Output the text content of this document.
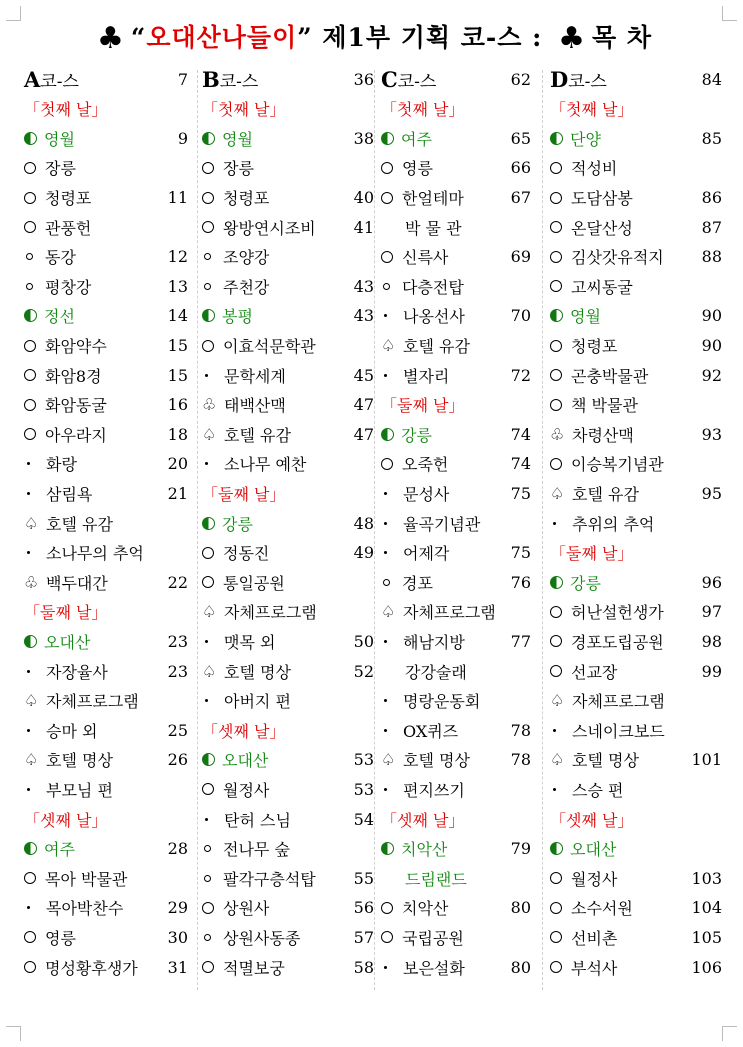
♣ “오대산나들이” 제1부 기획 코-스 : ♣ 목 차
A코-스	7
「첫째 날」
영월	9
장릉
청령포	11
관풍헌
동강	12
평창강	13
정선	14
화암약수	15
화암8경	15
화암동굴	16
아우라지	18
화랑	20
삼림욕	21
♤ 호텔 유감
소나무의 추억
♧ 백두대간	22
「둘째 날」
오대산	23
자장율사	23
♤ 자체프로그램
승마 외	25
♤ 호텔 명상	26
부모님 편
「셋째 날」
여주	28
목아 박물관
목아박찬수	29
영릉	30
명성황후생가 31
B코-스	36
「첫째 날」
영월	38
장릉
청령포	40
왕방연시조비 41
조양강
주천강	43
봉평	43
이효석문학관
문학세계	45
♧ 태백산맥	47
♤ 호텔 유감	47
소나무 예찬
「둘째 날」
강릉	48
정동진	49
통일공원
♤ 자체프로그램
맷목 외	50
♤ 호텔 명상	52
아버지 편
「셋째 날」
오대산	53
월정사	53
탄허 스님	54
전나무 숲
팔각구층석탑 55
상원사	56
상원사동종	57
적멸보궁	58
C코-스	62
「첫째 날」
여주	65
영릉	66
한얼테마	67
박 물 관
신륵사	69
다층전탑
나옹선사	70
♤ 호텔 유감
별자리	72
「둘째 날」
강릉	74
오죽헌	74
문성사	75
율곡기념관
어제각	75
경포	76
♤ 자체프로그램
해남지방	77
강강술래
명랑운동회
OX퀴즈	78
♤ 호텔 명상	78
편지쓰기
「셋째 날」
치악산	79
드림랜드
치악산	80
국립공원
보은설화	80
D코-스	84
「첫째 날」
단양	85
적성비
도담삼봉	86
온달산성	87
김삿갓유적지 88
고씨동굴
영월	90
청령포	90
곤충박물관	92
책 박물관
♧ 차령산맥	93
이승복기념관
♤ 호텔 유감	95
추위의 추억
「둘째 날」
강릉	96
허난설헌생가 97
경포도립공원 98
선교장	99
♤ 자체프로그램
스네이크보드
♤ 호텔 명상	101
스승 편
「셋째 날」
오대산
월정사	103
소수서원	104
선비촌	105
부석사	106
